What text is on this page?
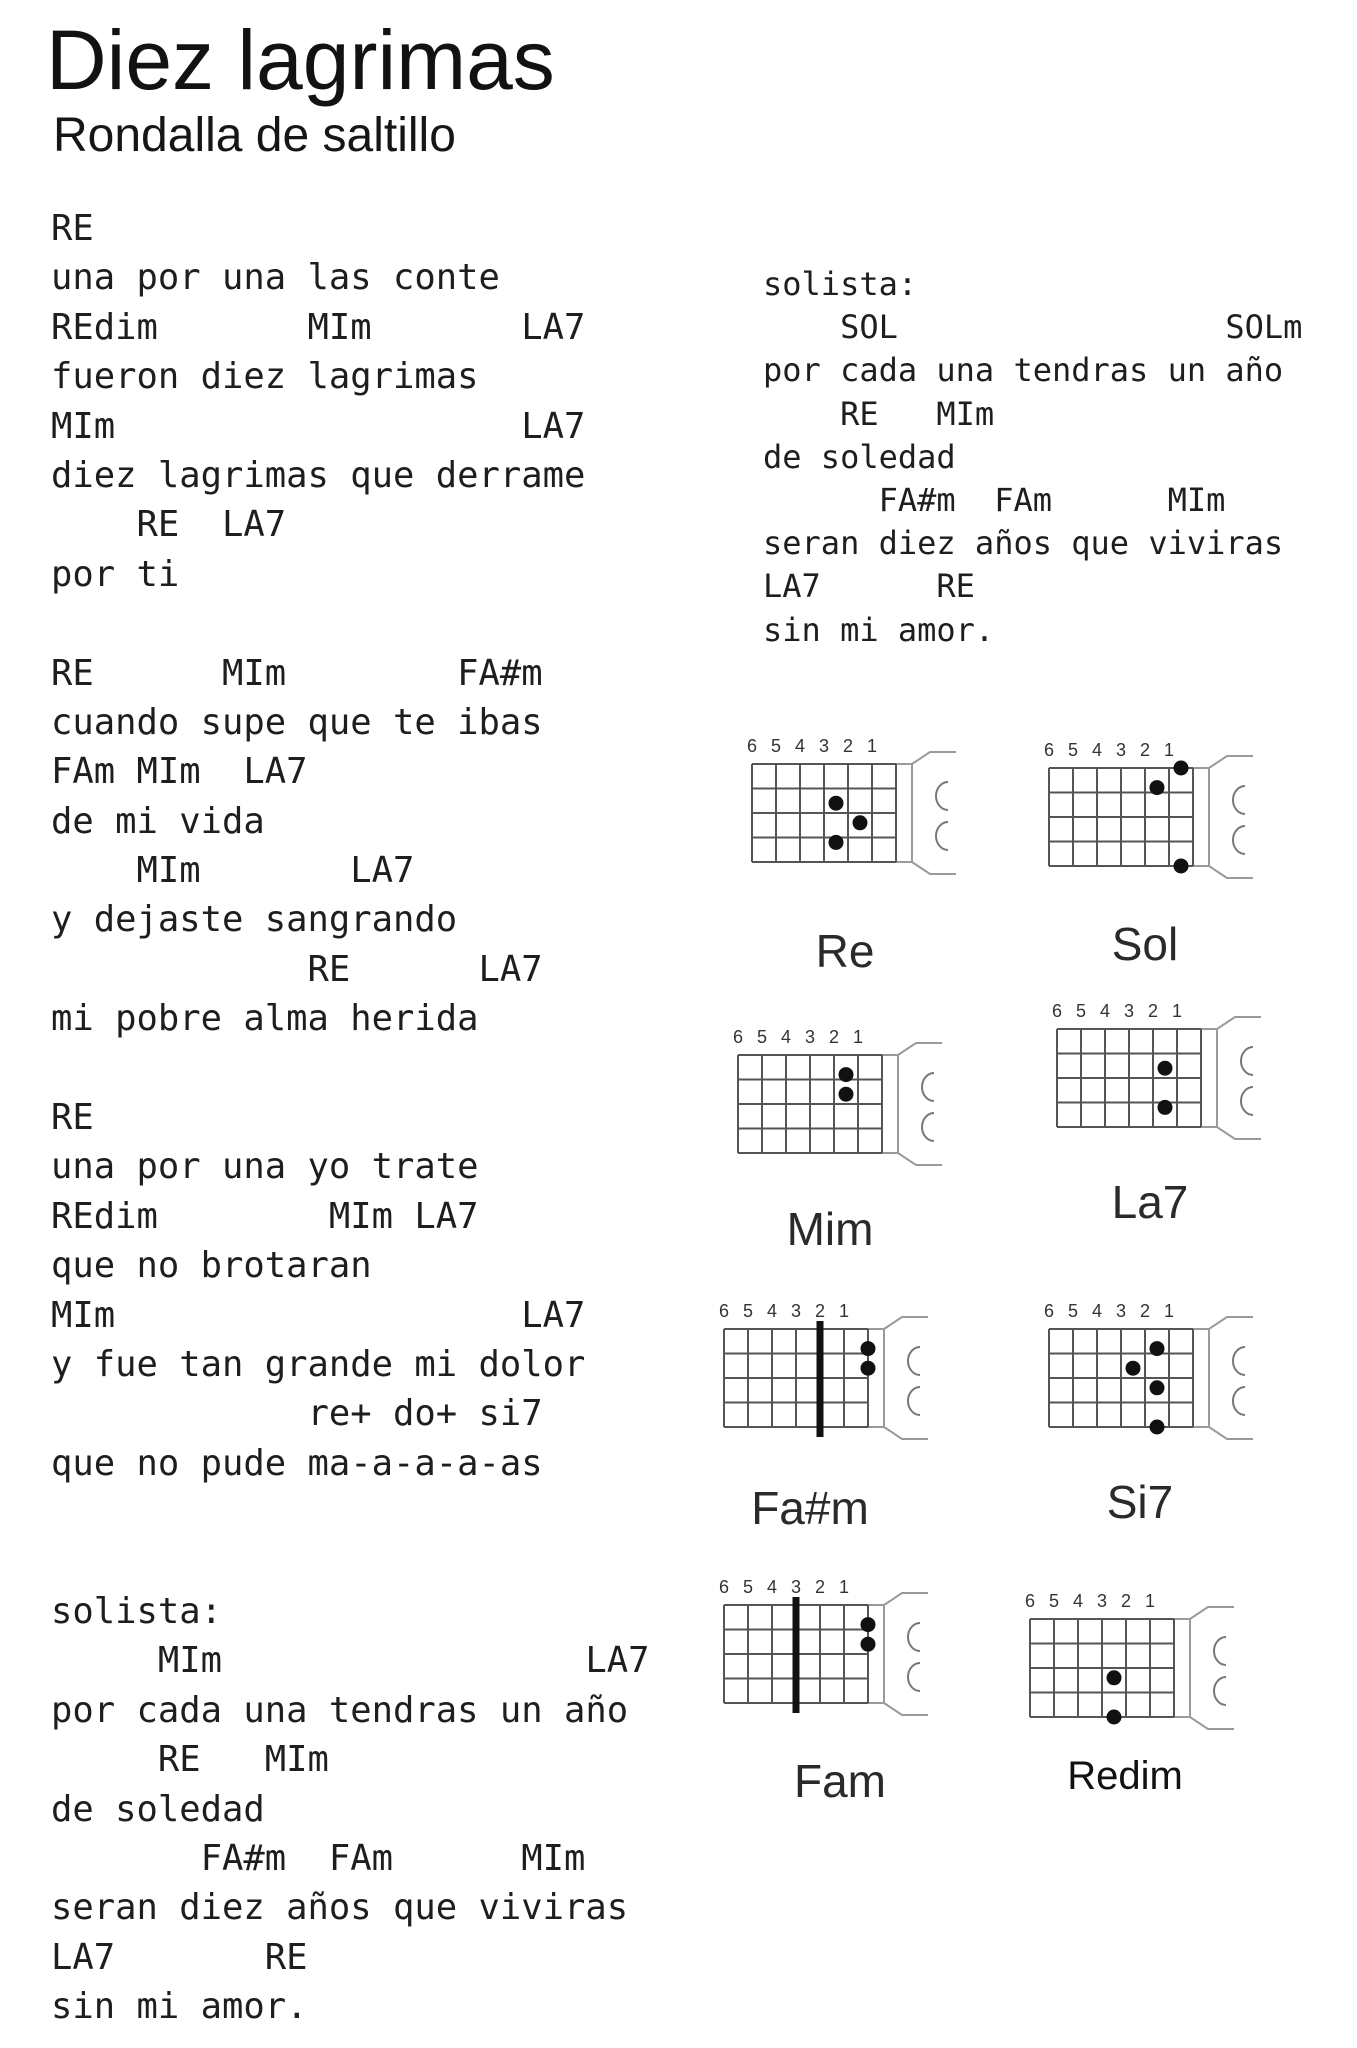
Diez lagrimas
Rondalla de saltillo
RE
una por una las conte
REdim       MIm       LA7
fueron diez lagrimas
MIm                   LA7
diez lagrimas que derrame
RE  LA7
por ti
RE      MIm        FA#m
cuando supe que te ibas
FAm MIm  LA7
de mi vida
MIm       LA7
y dejaste sangrando
RE      LA7
mi pobre alma herida
RE
una por una yo trate
REdim        MIm LA7
que no brotaran
MIm                   LA7
y fue tan grande mi dolor
re+ do+ si7
que no pude ma-a-a-a-as
solista:
MIm                 LA7
por cada una tendras un año
RE   MIm
de soledad
FA#m  FAm      MIm
seran diez años que viviras
LA7       RE
sin mi amor.
solista:
SOL                 SOLm
por cada una tendras un año
RE   MIm
de soledad
FA#m  FAm      MIm
seran diez años que viviras
LA7      RE
sin mi amor.
6 5 4 3 2 1
Re
6 5 4 3 2 1
Sol
6 5 4 3 2 1
Mim
6 5 4 3 2 1
La7
6 5 4 3 2 1
Fa#m
6 5 4 3 2 1
Si7
6 5 4 3 2 1
Fam
6 5 4 3 2 1
Redim
